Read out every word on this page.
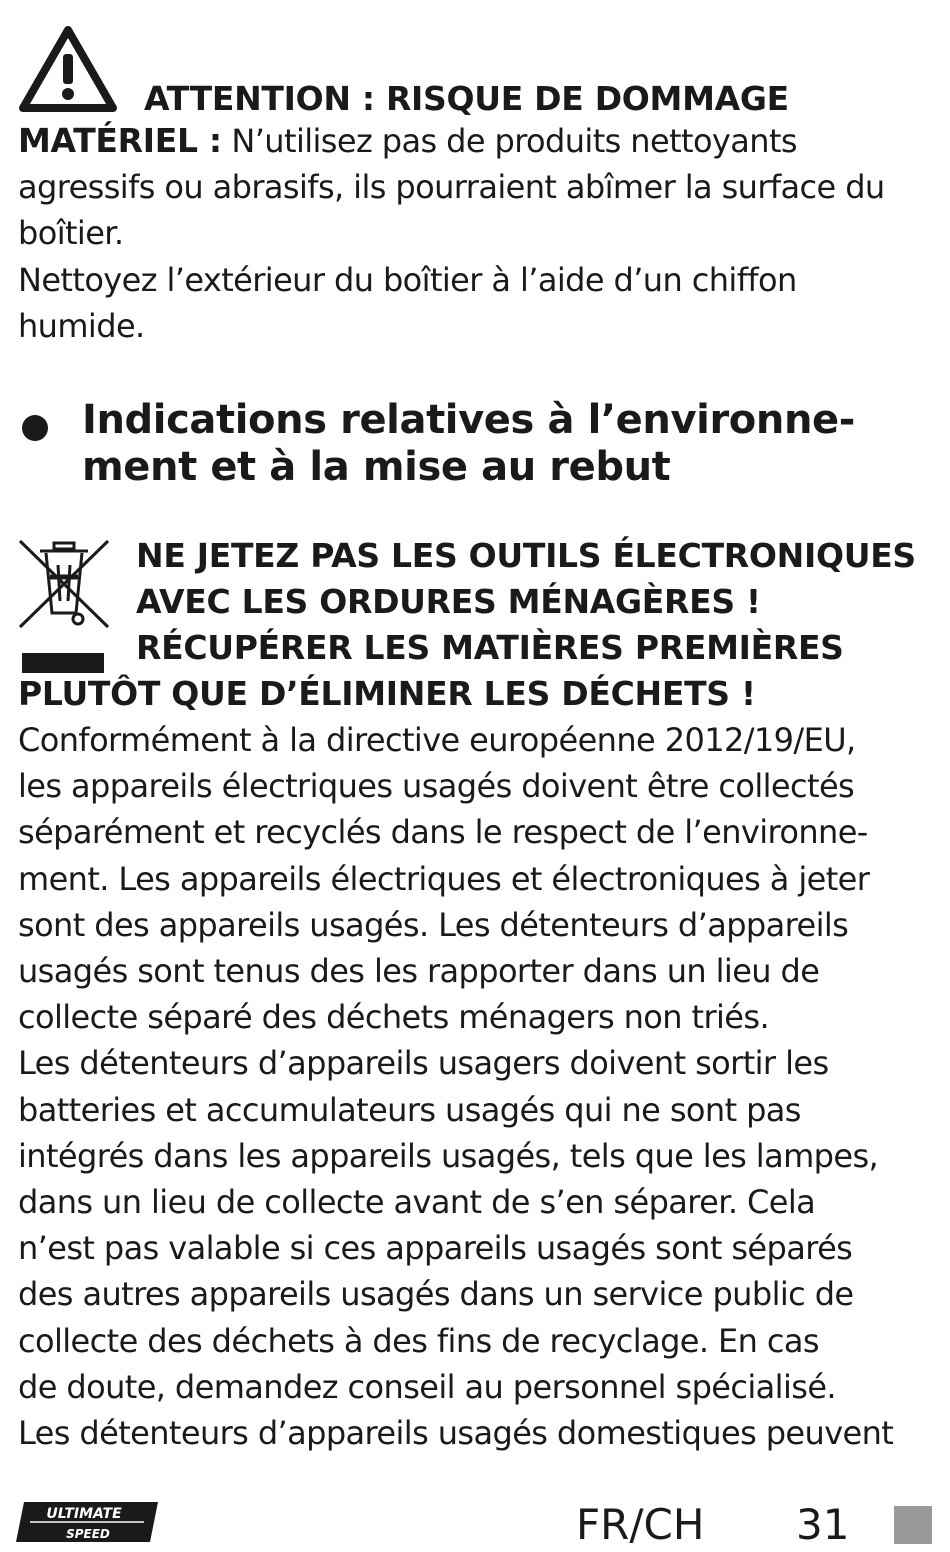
ATTENTION : RISQUE DE DOMMAGE

MATÉRIEL : N’utilisez pas de produits nettoyants
agressifs ou abrasifs, ils pourraient abîmer la surface du
boîtier.

Nettoyez l’extérieur du boîtier à l’aide d’un chiffon
humide.

Indications relatives à l’environne-
ment et à la mise au rebut
NE JETEZ PAS LES OUTILS ÉLECTRONIQUES
AVEC LES ORDURES MÉNAGÈRES !
RÉCUPÉRER LES MATIÈRES PREMIÈRES
PLUTÔT QUE D’ÉLIMINER LES DÉCHETS !

Conformément à la directive européenne 2012/19/EU,
les appareils électriques usagés doivent être collectés
séparément et recyclés dans le respect de l’environne-
ment. Les appareils électriques et électroniques à jeter
sont des appareils usagés. Les détenteurs d’appareils
usagés sont tenus des les rapporter dans un lieu de
collecte séparé des déchets ménagers non triés.
Les détenteurs d’appareils usagers doivent sortir les
batteries et accumulateurs usagés qui ne sont pas
intégrés dans les appareils usagés, tels que les lampes,
dans un lieu de collecte avant de s’en séparer. Cela
n’est pas valable si ces appareils usagés sont séparés
des autres appareils usagés dans un service public de
collecte des déchets à des fins de recyclage. En cas
de doute, demandez conseil au personnel spécialisé.
Les détenteurs d’appareils usagés domestiques peuvent

ULTIMATE
SPEED	FR/CH 31
